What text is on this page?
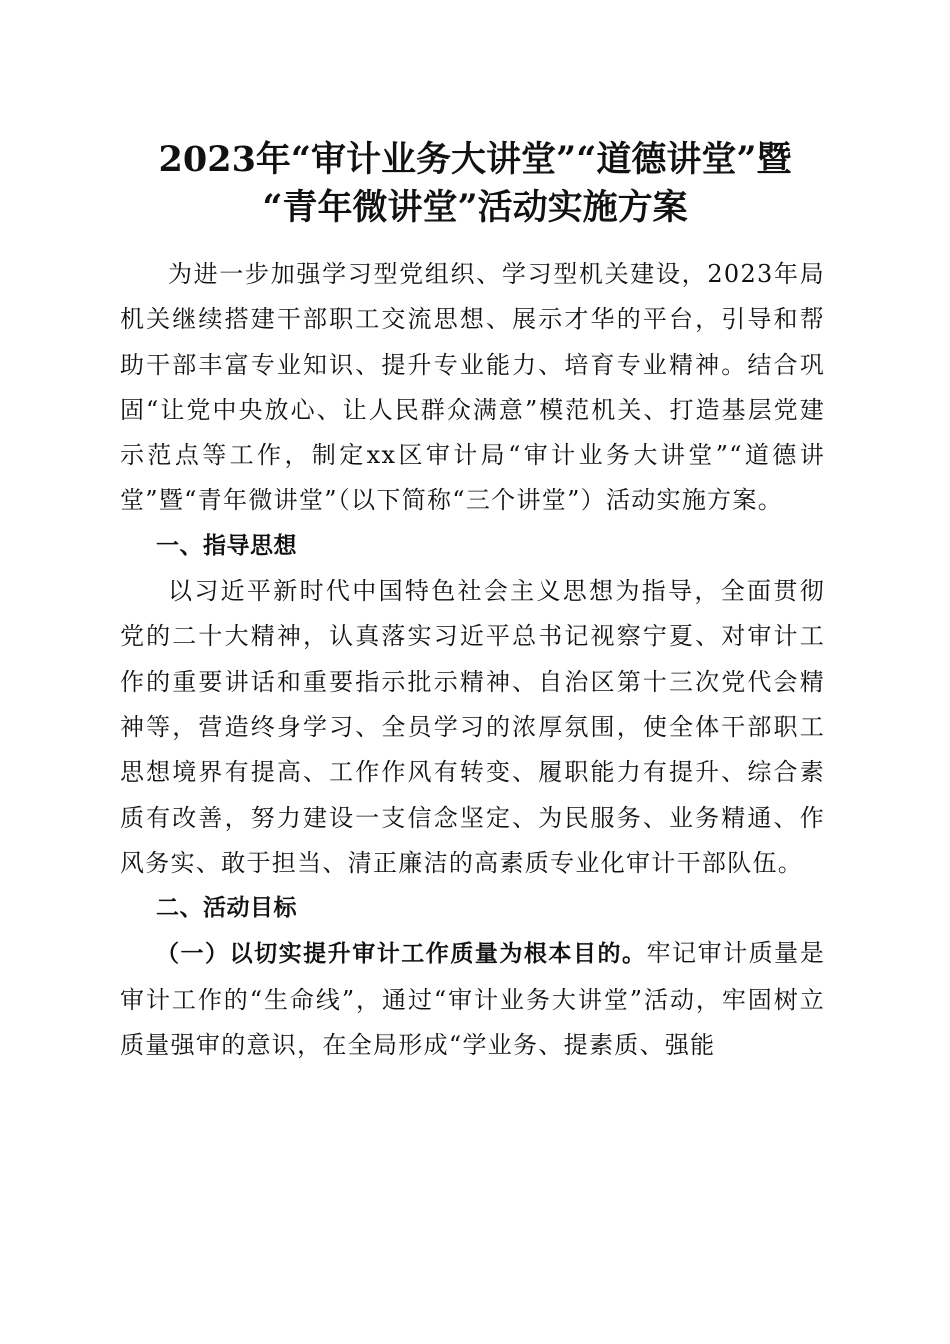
2023年“审计业务大讲堂”“道德讲堂”暨
“青年微讲堂”活动实施方案

为进一步加强学习型党组织、学习型机关建设，2023年局机关继续搭建干部职工交流思想、展示才华的平台，引导和帮助干部丰富专业知识、提升专业能力、培育专业精神。结合巩固“让党中央放心、让人民群众满意”模范机关、打造基层党建示范点等工作，制定xx区审计局“审计业务大讲堂”“道德讲堂”暨“青年微讲堂”（以下简称“三个讲堂”）活动实施方案。

一、指导思想

以习近平新时代中国特色社会主义思想为指导，全面贯彻党的二十大精神，认真落实习近平总书记视察宁夏、对审计工作的重要讲话和重要指示批示精神、自治区第十三次党代会精神等，营造终身学习、全员学习的浓厚氛围，使全体干部职工思想境界有提高、工作作风有转变、履职能力有提升、综合素质有改善，努力建设一支信念坚定、为民服务、业务精通、作风务实、敢于担当、清正廉洁的高素质专业化审计干部队伍。

二、活动目标

（一）以切实提升审计工作质量为根本目的。牢记审计质量是审计工作的“生命线”，通过“审计业务大讲堂”活动，牢固树立质量强审的意识，在全局形成“学业务、提素质、强能
